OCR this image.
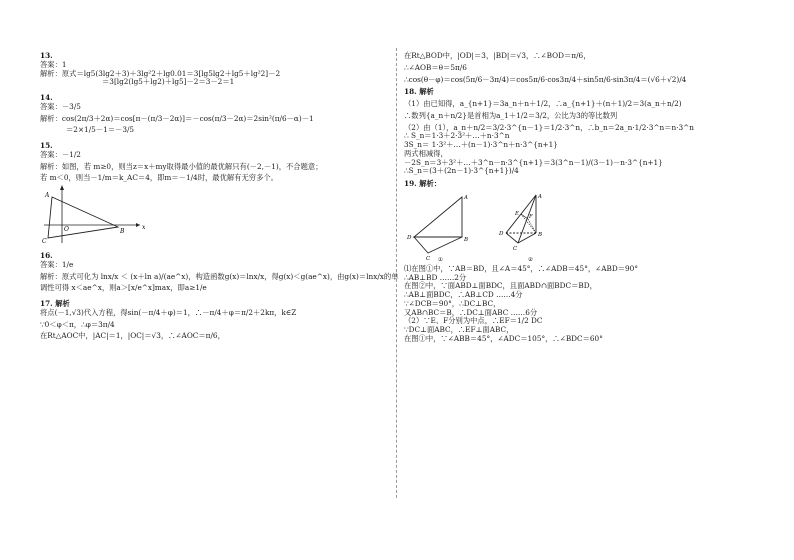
13.
答案：1
解析：原式＝lg5(3lg2＋3)＋3lg²2＋lg0.01＝3[lg5lg2＋lg5＋lg²2]－2
＝3[lg2(lg5＋lg2)＋lg5]－2＝3－2＝1
14.
答案：－3/5
解析：cos(2π/3＋2α)＝cos[π－(π/3－2α)]＝－cos(π/3－2α)＝2sin²(π/6－α)－1
＝2×1/5－1＝－3/5
15.
答案：－1/2
解析：如图，若 m≥0，则当z＝x＋my取得最小值的最优解只有(－2,－1)，不合题意；
若 m＜0，则当－1/m＝k_AC＝4，即m＝－1/4时，最优解有无穷多个。
A
O	B
C
x
16.
答案：1/e
解析：原式可化为 lnx/x ＜ (x＋ln a)/(ae^x)，构造函数g(x)＝lnx/x，得g(x)＜g(ae^x)，由g(x)＝lnx/x的单
调性可得 x＜ae^x，则a＞[x/e^x]max，即a≥1/e
17. 解析
将点(－1,√3)代入方程，得sin(－π/4＋φ)＝1，∴－π/4＋φ＝π/2＋2kπ，k∈Z
∵0＜φ＜π，∴φ＝3π/4
在Rt△AOC中，|AC|＝1，|OC|＝√3，∴∠AOC＝π/6，
在Rt△BOD中，|OD|＝3，|BD|＝√3，∴∠BOD＝π/6，
∴∠AOB＝θ＝5π/6
∴cos(θ－φ)＝cos(5π/6－3π/4)＝cos5π/6·cos3π/4＋sin5π/6·sin3π/4＝(√6＋√2)/4
18. 解析
（1）由已知得，a_{n+1}＝3a_n＋n＋1/2，∴a_{n+1}＋(n＋1)/2＝3(a_n＋n/2)
∴数列{a_n＋n/2}是首相为a_1＋1/2＝3/2，公比为3的等比数列
（2）由（1），a_n＋n/2＝3/2·3^{n－1}＝1/2·3^n，∴b_n＝2a_n·1/2·3^n＝n·3^n
∴ S_n＝1·3＋2·3²＋…＋n·3^n
3S_n＝ 1·3²＋…＋(n－1)·3^n＋n·3^{n+1}
两式相减得，
－2S_n＝3＋3²＋…＋3^n－n·3^{n+1}＝3(3^n－1)/(3－1)－n·3^{n+1}
∴S_n＝(3＋(2n－1)·3^{n+1})/4
19. 解析：
A
D	B
C ①
A
D	B
C
E F
②
⑴在图①中，∵AB＝BD，且∠A＝45°，∴∠ADB＝45°，∠ABD＝90°
∴AB⊥BD ……2分
在图②中，∵面ABD⊥面BDC，且面ABD∩面BDC＝BD，
∴AB⊥面BDC，∴AB⊥CD ……4分
∵∠DCB＝90°，∴DC⊥BC，
又AB∩BC＝B，∴DC⊥面ABC ……6分
（2）∵E、F分别为中点，∴EF＝1/2 DC
∵DC⊥面ABC，∴EF⊥面ABC，
在图①中，∵∠ABB＝45°，∠ADC＝105°，∴∠BDC＝60°
